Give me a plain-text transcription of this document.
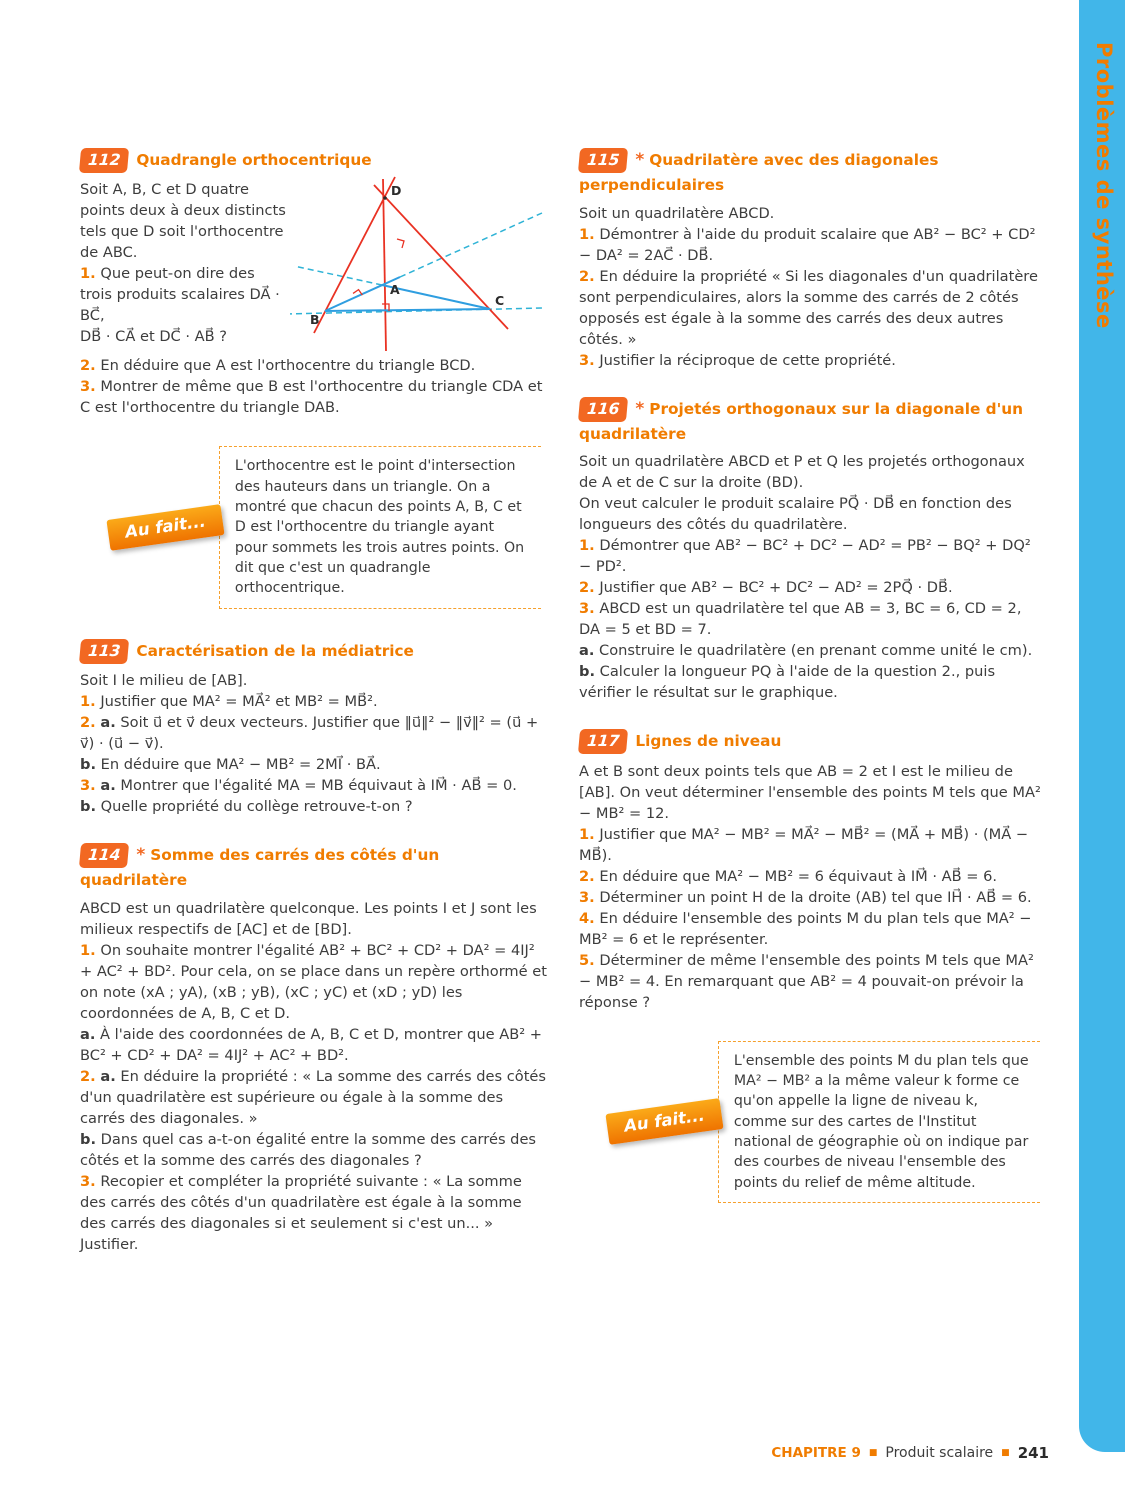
112 Quadrangle orthocentrique

Soit A, B, C et D quatre points deux à deux distincts tels que D soit l'orthocentre de ABC.

1. Que peut-on dire des trois produits scalaires DA⃗ · BC⃗,

DB⃗ · CA⃗ et DC⃗ · AB⃗ ?

D
A
B
C

2. En déduire que A est l'orthocentre du triangle BCD.

3. Montrer de même que B est l'orthocentre du triangle CDA et C est l'orthocentre du triangle DAB.

Au fait...

L'orthocentre est le point d'intersection des hauteurs dans un triangle. On a montré que chacun des points A, B, C et D est l'orthocentre du triangle ayant pour sommets les trois autres points. On dit que c'est un quadrangle orthocentrique.

113 Caractérisation de la médiatrice

Soit I le milieu de [AB].

1. Justifier que MA² = MA⃗² et MB² = MB⃗².

2. a. Soit u⃗ et v⃗ deux vecteurs. Justifier que ‖u⃗‖² − ‖v⃗‖² = (u⃗ + v⃗) · (u⃗ − v⃗).

b. En déduire que MA² − MB² = 2MI⃗ · BA⃗.

3. a. Montrer que l'égalité MA = MB équivaut à IM⃗ · AB⃗ = 0.

b. Quelle propriété du collège retrouve-t-on ?

114 * Somme des carrés des côtés d'un quadrilatère

ABCD est un quadrilatère quelconque. Les points I et J sont les milieux respectifs de [AC] et de [BD].

1. On souhaite montrer l'égalité AB² + BC² + CD² + DA² = 4IJ² + AC² + BD². Pour cela, on se place dans un repère orthormé et on note (xA ; yA), (xB ; yB), (xC ; yC) et (xD ; yD) les coordonnées de A, B, C et D.

a. À l'aide des coordonnées de A, B, C et D, montrer que AB² + BC² + CD² + DA² = 4IJ² + AC² + BD².

2. a. En déduire la propriété : « La somme des carrés des côtés d'un quadrilatère est supérieure ou égale à la somme des carrés des diagonales. »

b. Dans quel cas a-t-on égalité entre la somme des carrés des côtés et la somme des carrés des diagonales ?

3. Recopier et compléter la propriété suivante : « La somme des carrés des côtés d'un quadrilatère est égale à la somme des carrés des diagonales si et seulement si c'est un... » Justifier.

115 * Quadrilatère avec des diagonales perpendiculaires

Soit un quadrilatère ABCD.

1. Démontrer à l'aide du produit scalaire que AB² − BC² + CD² − DA² = 2AC⃗ · DB⃗.

2. En déduire la propriété « Si les diagonales d'un quadrilatère sont perpendiculaires, alors la somme des carrés de 2 côtés opposés est égale à la somme des carrés des deux autres côtés. »

3. Justifier la réciproque de cette propriété.

116 * Projetés orthogonaux sur la diagonale d'un quadrilatère

Soit un quadrilatère ABCD et P et Q les projetés orthogonaux de A et de C sur la droite (BD).

On veut calculer le produit scalaire PQ⃗ · DB⃗ en fonction des longueurs des côtés du quadrilatère.

1. Démontrer que AB² − BC² + DC² − AD² = PB² − BQ² + DQ² − PD².

2. Justifier que AB² − BC² + DC² − AD² = 2PQ⃗ · DB⃗.

3. ABCD est un quadrilatère tel que AB = 3, BC = 6, CD = 2, DA = 5 et BD = 7.

a. Construire le quadrilatère (en prenant comme unité le cm).

b. Calculer la longueur PQ à l'aide de la question 2., puis vérifier le résultat sur le graphique.

117 Lignes de niveau

A et B sont deux points tels que AB = 2 et I est le milieu de [AB]. On veut déterminer l'ensemble des points M tels que MA² − MB² = 12.

1. Justifier que MA² − MB² = MA⃗² − MB⃗² = (MA⃗ + MB⃗) · (MA⃗ − MB⃗).

2. En déduire que MA² − MB² = 6 équivaut à IM⃗ · AB⃗ = 6.

3. Déterminer un point H de la droite (AB) tel que IH⃗ · AB⃗ = 6.

4. En déduire l'ensemble des points M du plan tels que MA² − MB² = 6 et le représenter.

5. Déterminer de même l'ensemble des points M tels que MA² − MB² = 4. En remarquant que AB² = 4 pouvait-on prévoir la réponse ?

Au fait...

L'ensemble des points M du plan tels que MA² − MB² a la même valeur k forme ce qu'on appelle la ligne de niveau k, comme sur des cartes de l'Institut national de géographie où on indique par des courbes de niveau l'ensemble des points du relief de même altitude.

Problèmes de synthèse
CHAPITRE 9 ■ Produit scalaire ■ 241
